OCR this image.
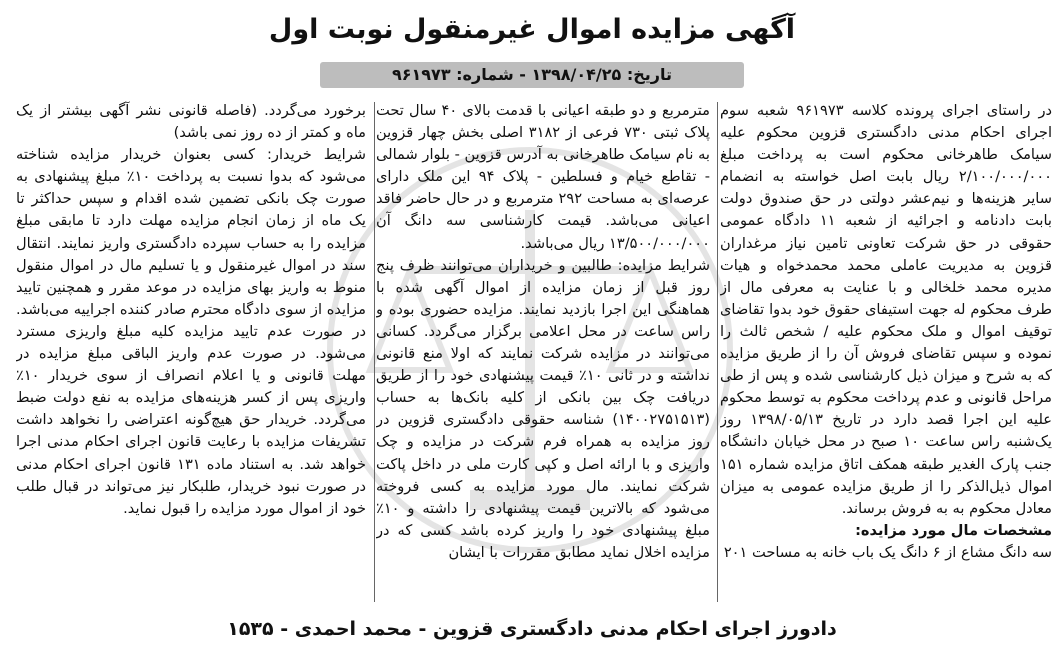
آگهی مزایده اموال غیرمنقول نوبت اول
تاریخ: ۱۳۹۸/۰۴/۲۵ - شماره: ۹۶۱۹۷۳

در راستای اجرای پرونده کلاسه ۹۶۱۹۷۳ شعبه سوم اجرای احکام مدنی دادگستری قزوین محکوم علیه سیامک طاهرخانی محکوم است به پرداخت مبلغ ۲/۱۰۰/۰۰۰/۰۰۰ ریال بابت اصل خواسته به انضمام سایر هزینه‌ها و نیم‌عشر دولتی در حق صندوق دولت بابت دادنامه و اجرائیه از شعبه ۱۱ دادگاه عمومی حقوقی در حق شرکت تعاونی تامین نیاز مرغداران قزوین به مدیریت عاملی محمد محمدخواه و هیات مدیره محمد خلخالی و با عنایت به معرفی مال از طرف محکوم له جهت استیفای حقوق خود بدوا تقاضای توقیف اموال و ملک محکوم علیه / شخص ثالث را نموده و سپس تقاضای فروش آن را از طریق مزایده که به شرح و میزان ذیل کارشناسی شده و پس از طی مراحل قانونی و عدم پرداخت محکوم به توسط محکوم علیه این اجرا قصد دارد در تاریخ ۱۳۹۸/۰۵/۱۳ روز یک‌شنبه راس ساعت ۱۰ صبح در محل خیابان دانشگاه جنب پارک الغدیر طبقه همکف اتاق مزایده شماره ۱۵۱ اموال ذیل‌الذکر را از طریق مزایده عمومی به میزان معادل محکوم به به فروش برساند.

مشخصات مال مورد مزایده:

سه دانگ مشاع از ۶ دانگ یک باب خانه به مساحت ۲۰۱

مترمربع و دو طبقه اعیانی با قدمت بالای ۴۰ سال تحت پلاک ثبتی ۷۳۰ فرعی از ۳۱۸۲ اصلی بخش چهار قزوین به نام سیامک طاهرخانی به آدرس قزوین - بلوار شمالی - تقاطع خیام و فسلطین - پلاک ۹۴ این ملک دارای عرصه‌ای به مساحت ۲۹۲ مترمربع و در حال حاضر فاقد اعیانی می‌باشد. قیمت کارشناسی سه دانگ آن ۱۳/۵۰۰/۰۰۰/۰۰۰ ریال می‌باشد.

شرایط مزایده: طالبین و خریداران می‌توانند ظرف پنج روز قبل از زمان مزایده از اموال آگهی شده با هماهنگی این اجرا بازدید نمایند. مزایده حضوری بوده و راس ساعت در محل اعلامی برگزار می‌گردد. کسانی می‌توانند در مزایده شرکت نمایند که اولا منع قانونی نداشته و در ثانی ۱۰٪ قیمت پیشنهادی خود را از طریق دریافت چک بین بانکی از کلیه بانک‌ها به حساب (۱۴۰۰۲۷۵۱۵۱۳) شناسه حقوقی دادگستری قزوین در روز مزایده به همراه فرم شرکت در مزایده و چک واریزی و با ارائه اصل و کپی کارت ملی در داخل پاکت شرکت نمایند. مال مورد مزایده به کسی فروخته می‌شود که بالاترین قیمت پیشنهادی را داشته و ۱۰٪ مبلغ پیشنهادی خود را واریز کرده باشد کسی که در مزایده اخلال نماید مطابق مقررات با ایشان

برخورد می‌گردد. (فاصله قانونی نشر آگهی بیشتر از یک ماه و کمتر از ده روز نمی باشد)

شرایط خریدار: کسی بعنوان خریدار مزایده شناخته می‌شود که بدوا نسبت به پرداخت ۱۰٪ مبلغ پیشنهادی به صورت چک بانکی تضمین شده اقدام و سپس حداکثر تا یک ماه از زمان انجام مزایده مهلت دارد تا مابقی مبلغ مزایده را به حساب سپرده دادگستری واریز نمایند. انتقال سند در اموال غیرمنقول و یا تسلیم مال در اموال منقول منوط به واریز بهای مزایده در موعد مقرر و همچنین تایید مزایده از سوی دادگاه محترم صادر کننده اجراییه می‌باشد. در صورت عدم تایید مزایده کلیه مبلغ واریزی مسترد می‌شود. در صورت عدم واریز الباقی مبلغ مزایده در مهلت قانونی و یا اعلام انصراف از سوی خریدار ۱۰٪ واریزی پس از کسر هزینه‌های مزایده به نفع دولت ضبط می‌گردد. خریدار حق هیچ‌گونه اعتراضی را نخواهد داشت تشریفات مزایده با رعایت قانون اجرای احکام مدنی اجرا خواهد شد. به استناد ماده ۱۳۱ قانون اجرای احکام مدنی در صورت نبود خریدار، طلبکار نیز می‌تواند در قبال طلب خود از اموال مورد مزایده را قبول نماید.

دادورز اجرای احکام مدنی دادگستری قزوین - محمد احمدی - ۱۵۳۵
